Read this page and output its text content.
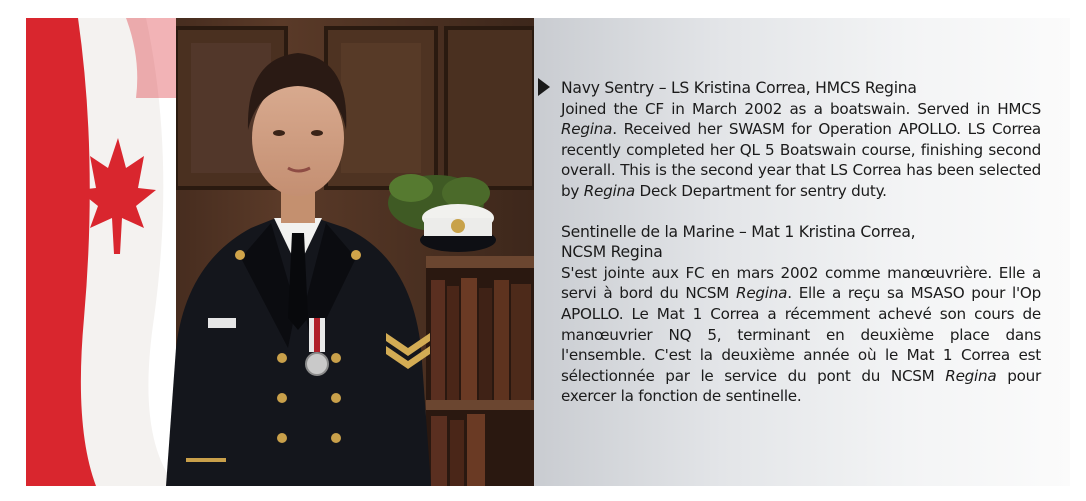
Navy Sentry – LS Kristina Correa, HMCS Regina

Joined the CF in March 2002 as a boatswain. Served in HMCS Regina. Received her SWASM for Operation APOLLO. LS Correa recently completed her QL 5 Boatswain course, finishing second overall. This is the second year that LS Correa has been selected by Regina Deck Department for sentry duty.

Sentinelle de la Marine – Mat 1 Kristina Correa,

NCSM Regina

S'est jointe aux FC en mars 2002 comme manœuvrière. Elle a servi à bord du NCSM Regina. Elle a reçu sa MSASO pour l'Op APOLLO. Le Mat 1 Correa a récemment achevé son cours de manœuvrier NQ 5, terminant en deuxième place dans l'ensemble. C'est la deuxième année où le Mat 1 Correa est sélectionnée par le service du pont du NCSM Regina pour exercer la fonction de sentinelle.
